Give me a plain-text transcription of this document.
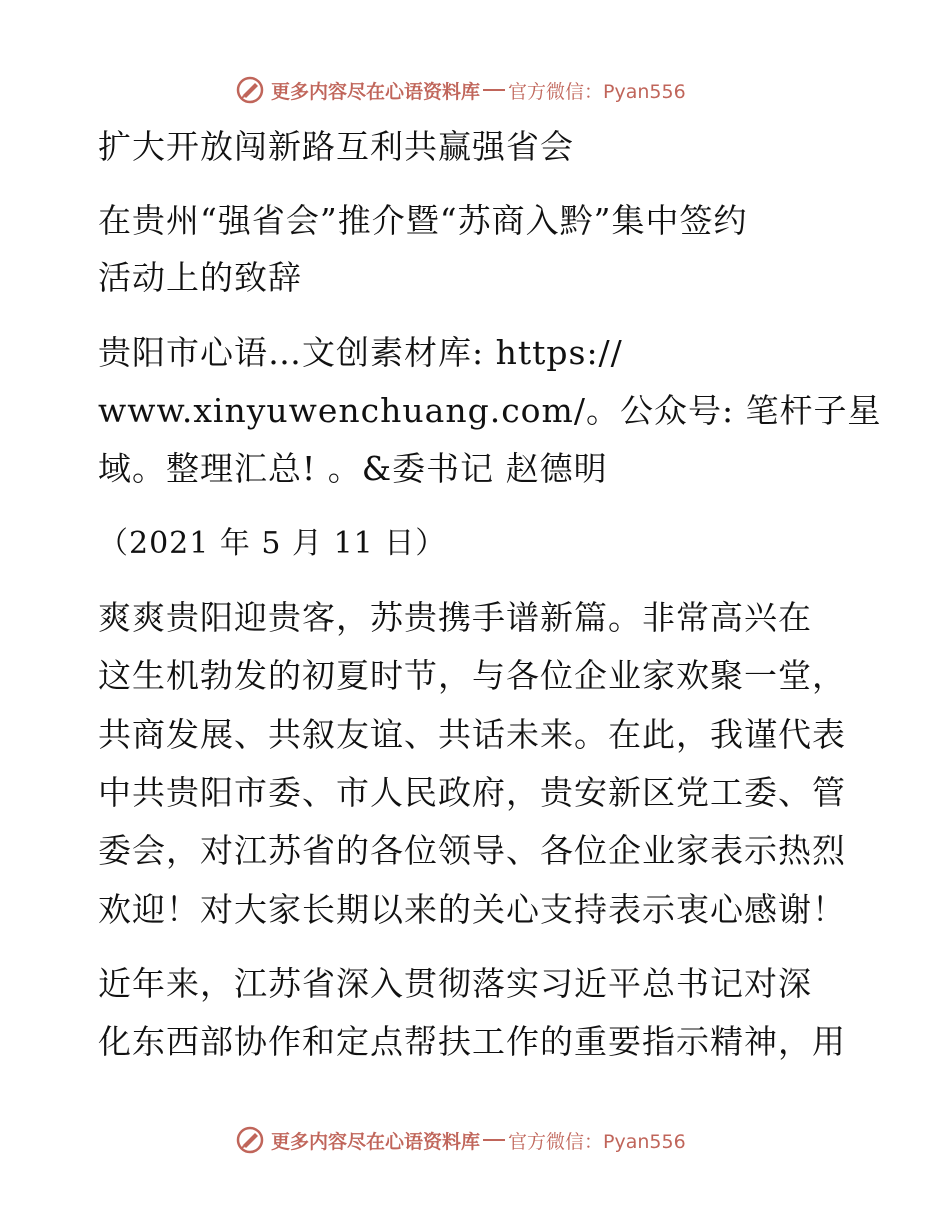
更多内容尽在心语资料库 官方微信：Pyan556
扩大开放闯新路互利共赢强省会
在贵州“强省会”推介暨“苏商入黔”集中签约
活动上的致辞
贵阳市心语…文创素材库: https://
www.xinyuwenchuang.com/。公众号: 笔杆子星
域。整理汇总! 。&委书记 赵德明
（2021 年 5 月 11 日）
爽爽贵阳迎贵客，苏贵携手谱新篇。非常高兴在
这生机勃发的初夏时节，与各位企业家欢聚一堂，
共商发展、共叙友谊、共话未来。在此，我谨代表
中共贵阳市委、市人民政府，贵安新区党工委、管
委会，对江苏省的各位领导、各位企业家表示热烈
欢迎！对大家长期以来的关心支持表示衷心感谢！
近年来，江苏省深入贯彻落实习近平总书记对深
化东西部协作和定点帮扶工作的重要指示精神，用
更多内容尽在心语资料库 官方微信：Pyan556
